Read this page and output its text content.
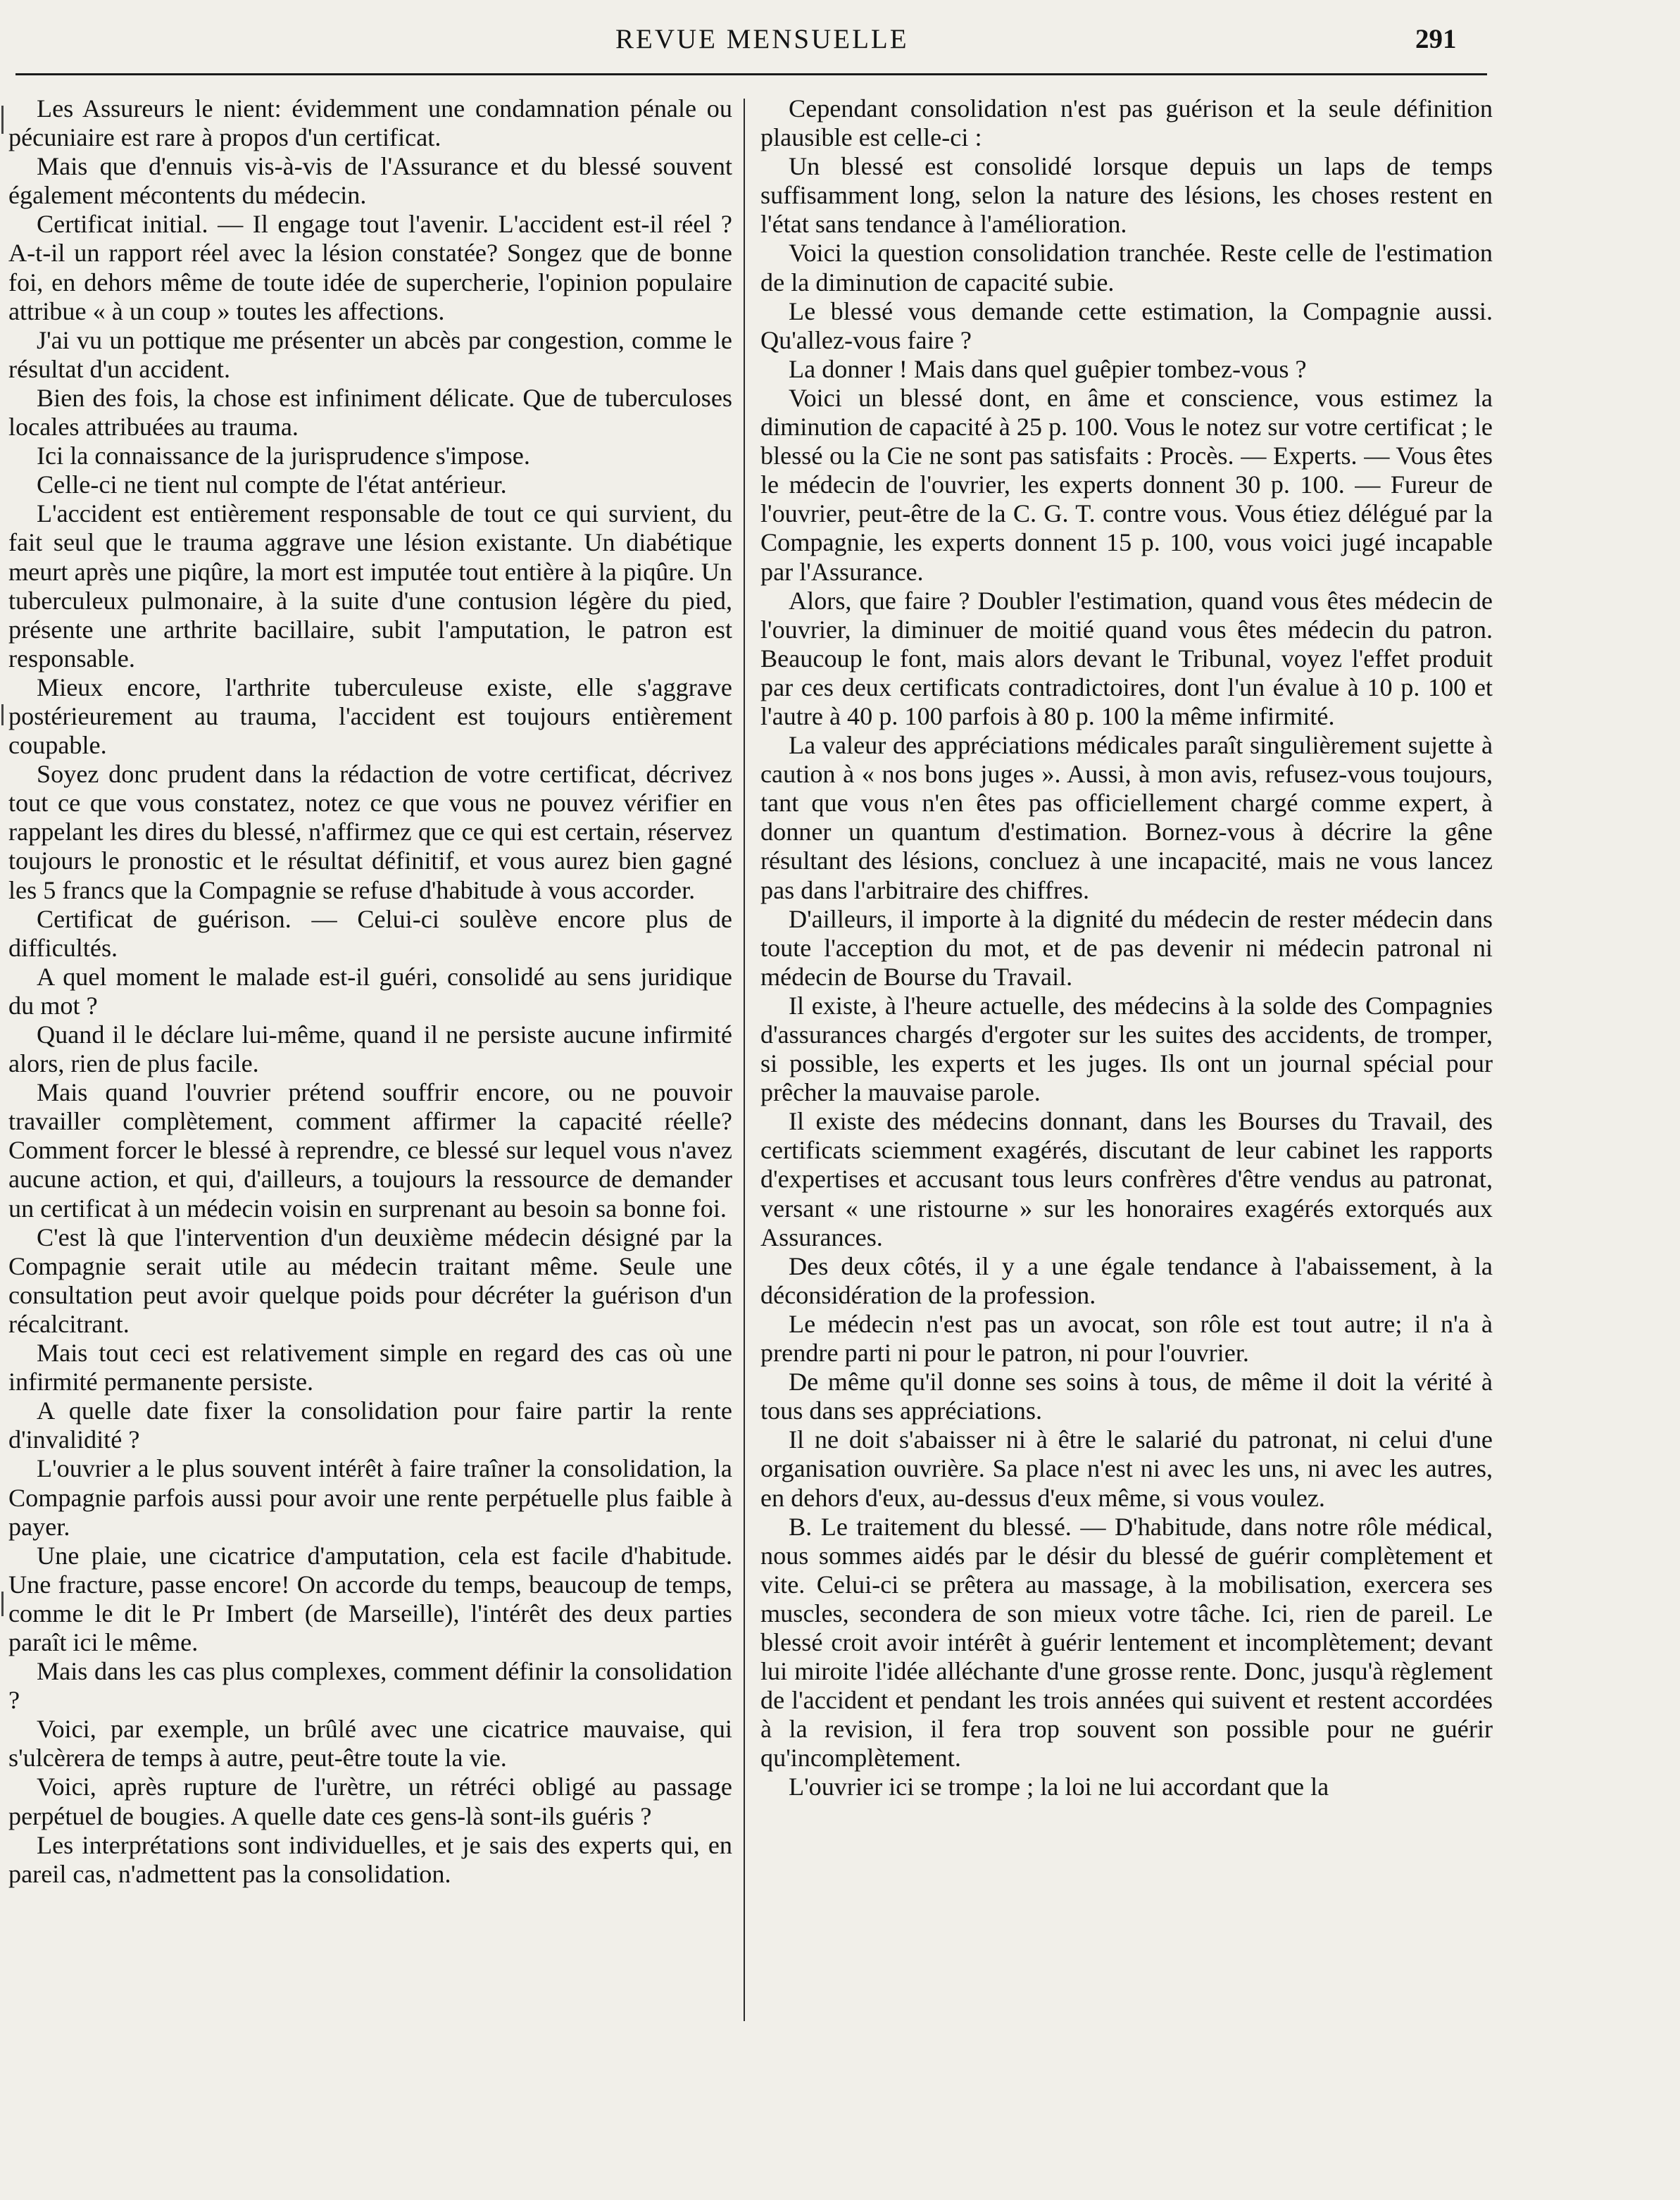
REVUE MENSUELLE	291

Les Assureurs le nient: évidemment une condamnation pénale ou pécuniaire est rare à propos d'un certificat.

Mais que d'ennuis vis-à-vis de l'Assurance et du blessé souvent également mécontents du médecin.

Certificat initial. — Il engage tout l'avenir. L'accident est-il réel ? A-t-il un rapport réel avec la lésion constatée? Songez que de bonne foi, en dehors même de toute idée de supercherie, l'opinion populaire attribue « à un coup » toutes les affections.

J'ai vu un pottique me présenter un abcès par congestion, comme le résultat d'un accident.

Bien des fois, la chose est infiniment délicate. Que de tuberculoses locales attribuées au trauma.

Ici la connaissance de la jurisprudence s'impose.

Celle-ci ne tient nul compte de l'état antérieur.

L'accident est entièrement responsable de tout ce qui survient, du fait seul que le trauma aggrave une lésion existante. Un diabétique meurt après une piqûre, la mort est imputée tout entière à la piqûre. Un tuberculeux pulmonaire, à la suite d'une contusion légère du pied, présente une arthrite bacillaire, subit l'amputation, le patron est responsable.

Mieux encore, l'arthrite tuberculeuse existe, elle s'aggrave postérieurement au trauma, l'accident est toujours entièrement coupable.

Soyez donc prudent dans la rédaction de votre certificat, décrivez tout ce que vous constatez, notez ce que vous ne pouvez vérifier en rappelant les dires du blessé, n'affirmez que ce qui est certain, réservez toujours le pronostic et le résultat définitif, et vous aurez bien gagné les 5 francs que la Compagnie se refuse d'habitude à vous accorder.

Certificat de guérison. — Celui-ci soulève encore plus de difficultés.

A quel moment le malade est-il guéri, consolidé au sens juridique du mot ?

Quand il le déclare lui-même, quand il ne persiste aucune infirmité alors, rien de plus facile.

Mais quand l'ouvrier prétend souffrir encore, ou ne pouvoir travailler complètement, comment affirmer la capacité réelle? Comment forcer le blessé à reprendre, ce blessé sur lequel vous n'avez aucune action, et qui, d'ailleurs, a toujours la ressource de demander un certificat à un médecin voisin en surprenant au besoin sa bonne foi.

C'est là que l'intervention d'un deuxième médecin désigné par la Compagnie serait utile au médecin traitant même. Seule une consultation peut avoir quelque poids pour décréter la guérison d'un récalcitrant.

Mais tout ceci est relativement simple en regard des cas où une infirmité permanente persiste.

A quelle date fixer la consolidation pour faire partir la rente d'invalidité ?

L'ouvrier a le plus souvent intérêt à faire traîner la consolidation, la Compagnie parfois aussi pour avoir une rente perpétuelle plus faible à payer.

Une plaie, une cicatrice d'amputation, cela est facile d'habitude. Une fracture, passe encore! On accorde du temps, beaucoup de temps, comme le dit le Pr Imbert (de Marseille), l'intérêt des deux parties paraît ici le même.

Mais dans les cas plus complexes, comment définir la consolidation ?

Voici, par exemple, un brûlé avec une cicatrice mauvaise, qui s'ulcèrera de temps à autre, peut-être toute la vie.

Voici, après rupture de l'urètre, un rétréci obligé au passage perpétuel de bougies. A quelle date ces gens-là sont-ils guéris ?

Les interprétations sont individuelles, et je sais des experts qui, en pareil cas, n'admettent pas la consolidation.

Cependant consolidation n'est pas guérison et la seule définition plausible est celle-ci :

Un blessé est consolidé lorsque depuis un laps de temps suffisamment long, selon la nature des lésions, les choses restent en l'état sans tendance à l'amélioration.

Voici la question consolidation tranchée. Reste celle de l'estimation de la diminution de capacité subie.

Le blessé vous demande cette estimation, la Compagnie aussi. Qu'allez-vous faire ?

La donner ! Mais dans quel guêpier tombez-vous ?

Voici un blessé dont, en âme et conscience, vous estimez la diminution de capacité à 25 p. 100. Vous le notez sur votre certificat ; le blessé ou la Cie ne sont pas satisfaits : Procès. — Experts. — Vous êtes le médecin de l'ouvrier, les experts donnent 30 p. 100. — Fureur de l'ouvrier, peut-être de la C. G. T. contre vous. Vous étiez délégué par la Compagnie, les experts donnent 15 p. 100, vous voici jugé incapable par l'Assurance.

Alors, que faire ? Doubler l'estimation, quand vous êtes médecin de l'ouvrier, la diminuer de moitié quand vous êtes médecin du patron. Beaucoup le font, mais alors devant le Tribunal, voyez l'effet produit par ces deux certificats contradictoires, dont l'un évalue à 10 p. 100 et l'autre à 40 p. 100 parfois à 80 p. 100 la même infirmité.

La valeur des appréciations médicales paraît singulièrement sujette à caution à « nos bons juges ». Aussi, à mon avis, refusez-vous toujours, tant que vous n'en êtes pas officiellement chargé comme expert, à donner un quantum d'estimation. Bornez-vous à décrire la gêne résultant des lésions, concluez à une incapacité, mais ne vous lancez pas dans l'arbitraire des chiffres.

D'ailleurs, il importe à la dignité du médecin de rester médecin dans toute l'acception du mot, et de pas devenir ni médecin patronal ni médecin de Bourse du Travail.

Il existe, à l'heure actuelle, des médecins à la solde des Compagnies d'assurances chargés d'ergoter sur les suites des accidents, de tromper, si possible, les experts et les juges. Ils ont un journal spécial pour prêcher la mauvaise parole.

Il existe des médecins donnant, dans les Bourses du Travail, des certificats sciemment exagérés, discutant de leur cabinet les rapports d'expertises et accusant tous leurs confrères d'être vendus au patronat, versant « une ristourne » sur les honoraires exagérés extorqués aux Assurances.

Des deux côtés, il y a une égale tendance à l'abaissement, à la déconsidération de la profession.

Le médecin n'est pas un avocat, son rôle est tout autre; il n'a à prendre parti ni pour le patron, ni pour l'ouvrier.

De même qu'il donne ses soins à tous, de même il doit la vérité à tous dans ses appréciations.

Il ne doit s'abaisser ni à être le salarié du patronat, ni celui d'une organisation ouvrière. Sa place n'est ni avec les uns, ni avec les autres, en dehors d'eux, au-dessus d'eux même, si vous voulez.

B. Le traitement du blessé. — D'habitude, dans notre rôle médical, nous sommes aidés par le désir du blessé de guérir complètement et vite. Celui-ci se prêtera au massage, à la mobilisation, exercera ses muscles, secondera de son mieux votre tâche. Ici, rien de pareil. Le blessé croit avoir intérêt à guérir lentement et incomplètement; devant lui miroite l'idée alléchante d'une grosse rente. Donc, jusqu'à règlement de l'accident et pendant les trois années qui suivent et restent accordées à la revision, il fera trop souvent son possible pour ne guérir qu'incomplètement.

L'ouvrier ici se trompe ; la loi ne lui accordant que la
